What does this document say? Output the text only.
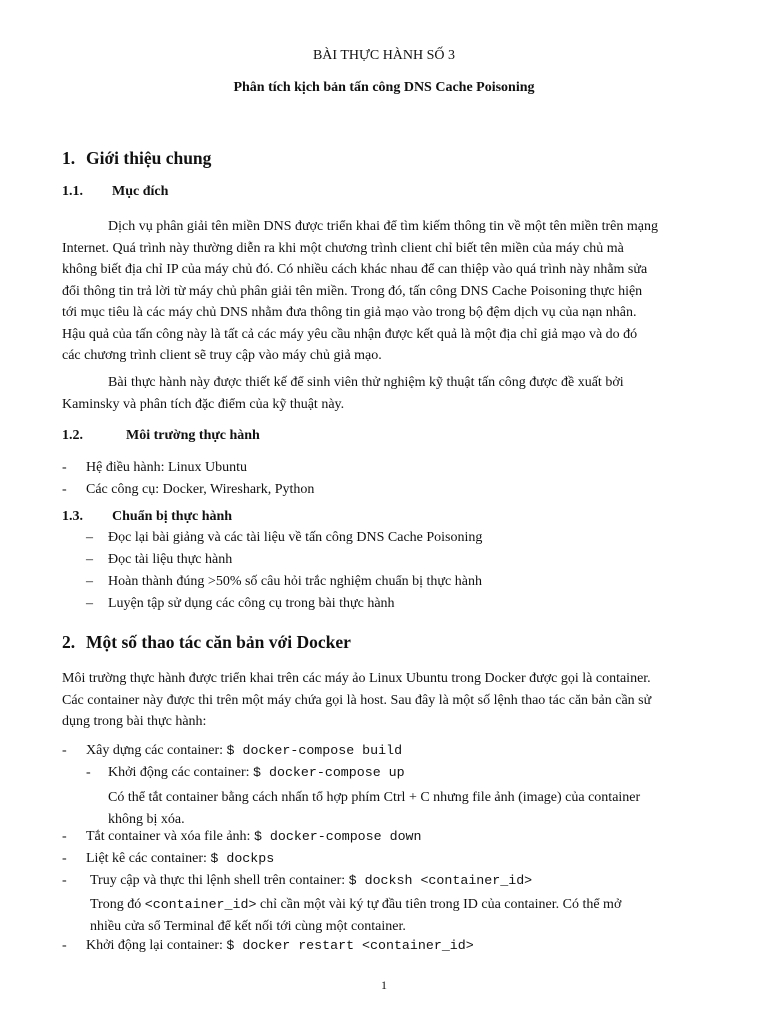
BÀI THỰC HÀNH SỐ 3
Phân tích kịch bản tấn công DNS Cache Poisoning
1. Giới thiệu chung
1.1. Mục đích
Dịch vụ phân giải tên miền DNS được triển khai để tìm kiếm thông tin về một tên miền trên mạng
Internet. Quá trình này thường diễn ra khi một chương trình client chỉ biết tên miền của máy chủ mà
không biết địa chỉ IP của máy chủ đó. Có nhiều cách khác nhau để can thiệp vào quá trình này nhằm sửa
đổi thông tin trả lời từ máy chủ phân giải tên miền. Trong đó, tấn công DNS Cache Poisoning thực hiện
tới mục tiêu là các máy chủ DNS nhằm đưa thông tin giả mạo vào trong bộ đệm dịch vụ của nạn nhân.
Hậu quả của tấn công này là tất cả các máy yêu cầu nhận được kết quả là một địa chỉ giả mạo và do đó
các chương trình client sẽ truy cập vào máy chủ giả mạo.
Bài thực hành này được thiết kế để sinh viên thử nghiệm kỹ thuật tấn công được đề xuất bởi
Kaminsky và phân tích đặc điểm của kỹ thuật này.
1.2.	Môi trường thực hành
- Hệ điều hành: Linux Ubuntu
- Các công cụ: Docker, Wireshark, Python
1.3. Chuẩn bị thực hành
– Đọc lại bài giảng và các tài liệu về tấn công DNS Cache Poisoning
– Đọc tài liệu thực hành
– Hoàn thành đúng >50% số câu hỏi trắc nghiệm chuẩn bị thực hành
– Luyện tập sử dụng các công cụ trong bài thực hành
2. Một số thao tác căn bản với Docker
Môi trường thực hành được triển khai trên các máy ảo Linux Ubuntu trong Docker được gọi là container.
Các container này được thi trên một máy chứa gọi là host. Sau đây là một số lệnh thao tác căn bản cần sử
dụng trong bài thực hành:
- Xây dựng các container: $ docker-compose build
- Khởi động các container: $ docker-compose up
Có thể tắt container bằng cách nhấn tổ hợp phím Ctrl + C nhưng file ảnh (image) của container
không bị xóa.
- Tắt container và xóa file ảnh: $ docker-compose down
- Liệt kê các container: $ dockps
- Truy cập và thực thi lệnh shell trên container: $ docksh <container_id>
Trong đó <container_id> chỉ cần một vài ký tự đầu tiên trong ID của container. Có thể mở
nhiều cửa sổ Terminal để kết nối tới cùng một container.
- Khởi động lại container: $ docker restart <container_id>
1
